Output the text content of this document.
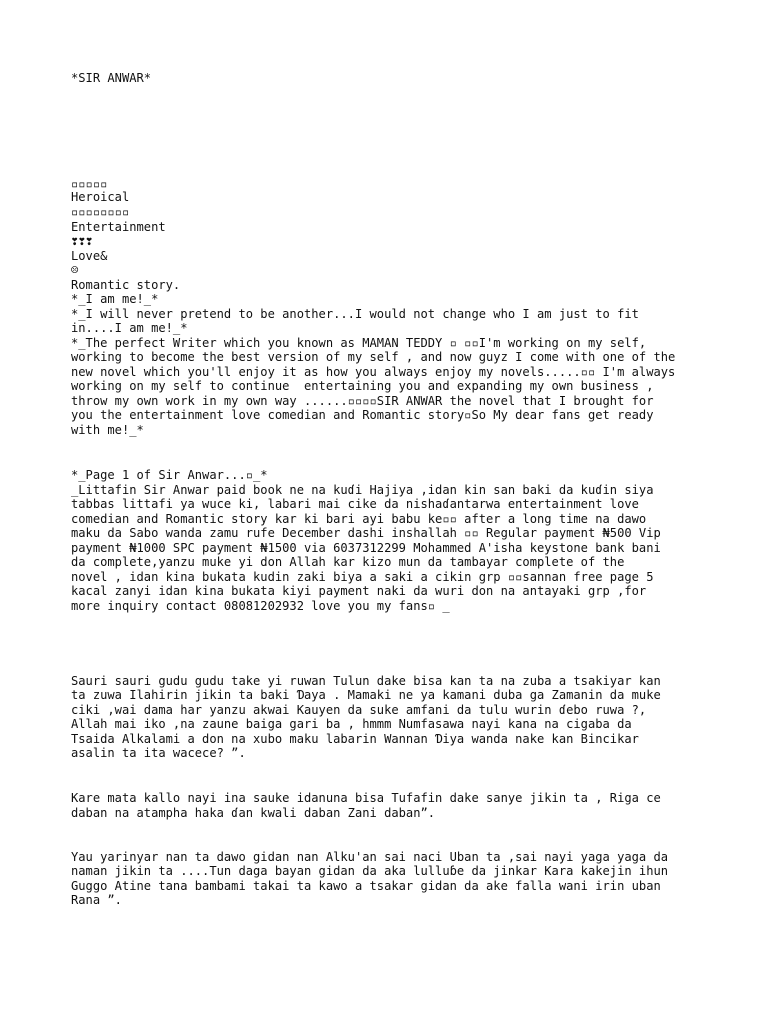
*SIR ANWAR*
▫▫▫▫▫
Heroical
▫▫▫▫▫▫▫▫
Entertainment
❣❣❣
Love&
☹
Romantic story.
*_I am me!_*
*_I will never pretend to be another...I would not change who I am just to fit
in....I am me!_*
*_The perfect Writer which you known as MAMAN TEDDY ▫ ▫▫I'm working on my self,
working to become the best version of my self , and now guyz I come with one of the
new novel which you'll enjoy it as how you always enjoy my novels.....▫▫ I'm always
working on my self to continue  entertaining you and expanding my own business ,
throw my own work in my own way ......▫▫▫▫SIR ANWAR the novel that I brought for
you the entertainment love comedian and Romantic story▫So My dear fans get ready
with me!_*
*_Page 1 of Sir Anwar...▫_*
_Littafin Sir Anwar paid book ne na kuɗi Hajiya ,idan kin san baki da kuɗin siya
tabbas littafi ya wuce ki, labari mai cike da nishaɗantarwa entertainment love
comedian and Romantic story kar ki bari ayi babu ke▫▫ after a long time na dawo
maku da Sabo wanda zamu rufe December dashi inshallah ▫▫ Regular payment ₦500 Vip
payment ₦1000 SPC payment ₦1500 via 6037312299 Mohammed A'isha keystone bank bani
da complete,yanzu muke yi don Allah kar kizo mun da tambayar complete of the
novel , idan kina bukata kudin zaki biya a saki a cikin grp ▫▫sannan free page 5
kacal zanyi idan kina bukata kiyi payment naki da wuri don na antayaki grp ,for
more inquiry contact 08081202932 love you my fans▫ _
Sauri sauri gudu gudu take yi ruwan Tulun dake bisa kan ta na zuba a tsakiyar kan
ta zuwa Ilahirin jikin ta baki Ɗaya . Mamaki ne ya kamani duba ga Zamanin da muke
ciki ,wai dama har yanzu akwai Kauyen da suke amfani da tulu wurin ɗebo ruwa ?,
Allah mai iko ,na zaune baiga gari ba , hmmm Numfasawa nayi kana na cigaba da
Tsaida Alkalami a don na xubo maku labarin Wannan Ɗiya wanda nake kan Bincikar
asalin ta ita wacece? ”.
Kare mata kallo nayi ina sauke idanuna bisa Tufafin dake sanye jikin ta , Riga ce
daban na atampha haka ɗan kwali daban Zani daban”.
Yau yarinyar nan ta dawo gidan nan Alku'an sai naci Uban ta ,sai nayi yaga yaga da
naman jikin ta ....Tun daga bayan gidan da aka lulluɓe da jinkar Kara kakejin ihun
Guggo Atine tana bambami takai ta kawo a tsakar gidan da ake falla wani irin uban
Rana ”.
